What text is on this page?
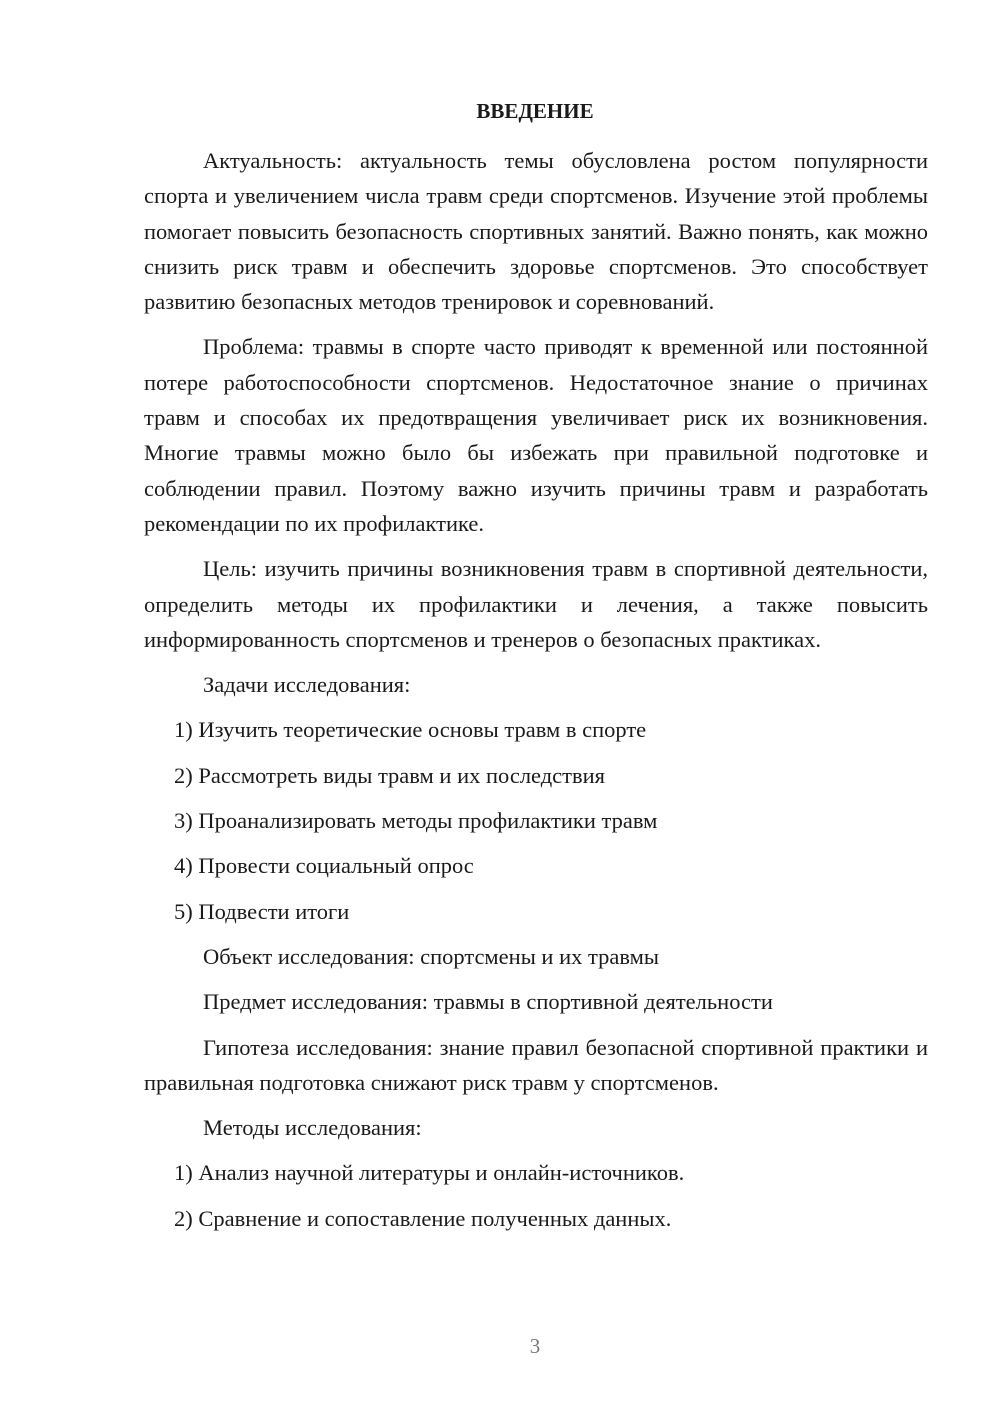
ВВЕДЕНИЕ

Актуальность: актуальность темы обусловлена ростом популярности спорта и увеличением числа травм среди спортсменов. Изучение этой проблемы помогает повысить безопасность спортивных занятий. Важно понять, как можно снизить риск травм и обеспечить здоровье спортсменов. Это способствует развитию безопасных методов тренировок и соревнований.

Проблема: травмы в спорте часто приводят к временной или постоянной потере работоспособности спортсменов. Недостаточное знание о причинах травм и способах их предотвращения увеличивает риск их возникновения. Многие травмы можно было бы избежать при правильной подготовке и соблюдении правил. Поэтому важно изучить причины травм и разработать рекомендации по их профилактике.

Цель: изучить причины возникновения травм в спортивной деятельности, определить методы их профилактики и лечения, а также повысить информированность спортсменов и тренеров о безопасных практиках.

Задачи исследования:

1) Изучить теоретические основы травм в спорте

2) Рассмотреть виды травм и их последствия

3) Проанализировать методы профилактики травм

4) Провести социальный опрос

5) Подвести итоги

Объект исследования: спортсмены и их травмы

Предмет исследования: травмы в спортивной деятельности

Гипотеза исследования: знание правил безопасной спортивной практики и правильная подготовка снижают риск травм у спортсменов.

Методы исследования:

1) Анализ научной литературы и онлайн-источников.

2) Сравнение и сопоставление полученных данных.

3
